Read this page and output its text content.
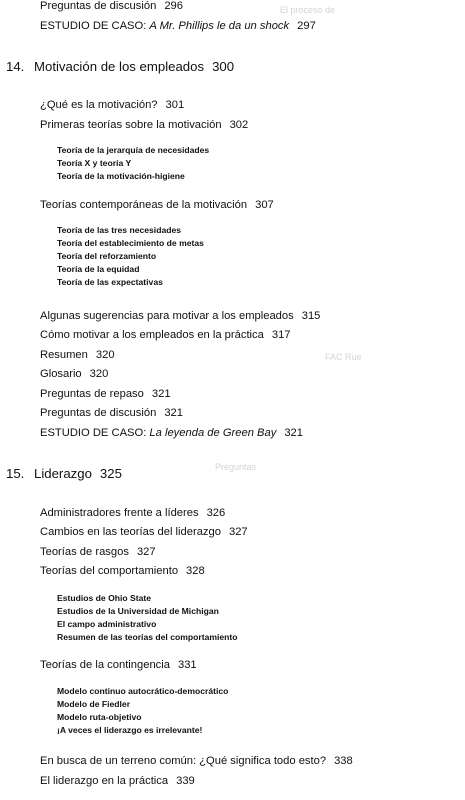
El proceso de
FAC Rue
Preguntas
Preguntas de discusión 296
ESTUDIO DE CASO: A Mr. Phillips le da un shock 297
14. Motivación de los empleados 300
¿Qué es la motivación? 301
Primeras teorías sobre la motivación 302
Teoría de la jerarquía de necesidades
Teoría X y teoría Y
Teoría de la motivación-higiene
Teorías contemporáneas de la motivación 307
Teoría de las tres necesidades
Teoría del establecimiento de metas
Teoría del reforzamiento
Teoría de la equidad
Teoría de las expectativas
Algunas sugerencias para motivar a los empleados 315
Cómo motivar a los empleados en la práctica 317
Resumen 320
Glosario 320
Preguntas de repaso 321
Preguntas de discusión 321
ESTUDIO DE CASO: La leyenda de Green Bay 321
15. Liderazgo 325
Administradores frente a líderes 326
Cambios en las teorías del liderazgo 327
Teorías de rasgos 327
Teorías del comportamiento 328
Estudios de Ohio State
Estudios de la Universidad de Michigan
El campo administrativo
Resumen de las teorías del comportamiento
Teorías de la contingencia 331
Modelo continuo autocrático-democrático
Modelo de Fiedler
Modelo ruta-objetivo
¡A veces el liderazgo es irrelevante!
En busca de un terreno común: ¿Qué significa todo esto? 338
El liderazgo en la práctica 339
